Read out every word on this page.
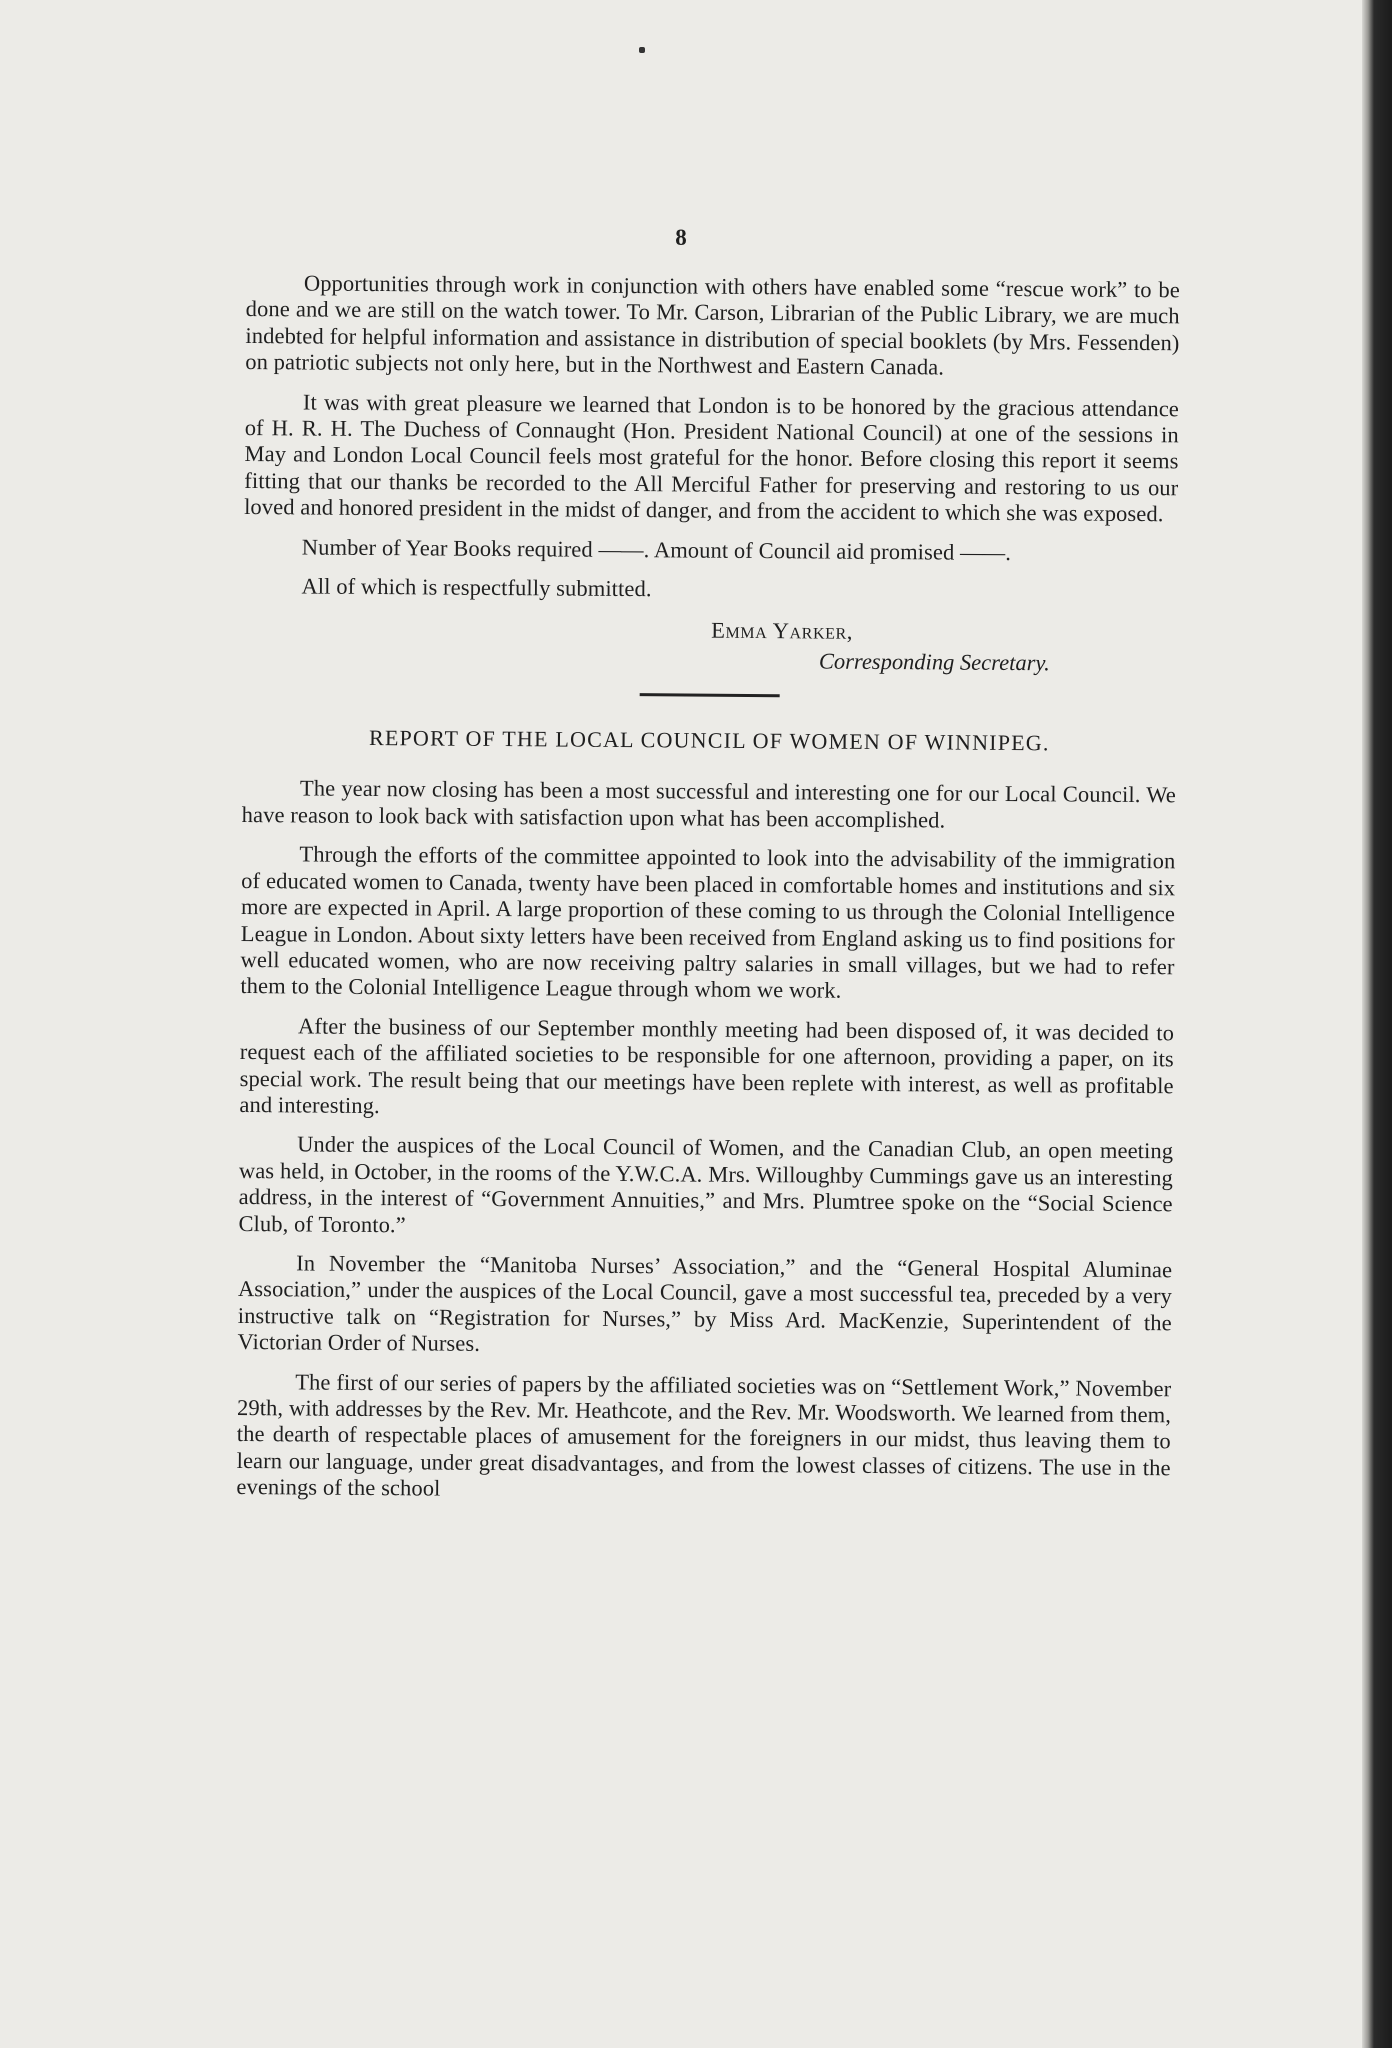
8

Opportunities through work in conjunction with others have enabled some “rescue work” to be done and we are still on the watch tower. To Mr. Carson, Librarian of the Public Library, we are much indebted for helpful information and assistance in distribution of special booklets (by Mrs. Fessenden) on patriotic subjects not only here, but in the Northwest and Eastern Canada.

It was with great pleasure we learned that London is to be honored by the gracious attendance of H. R. H. The Duchess of Connaught (Hon. President National Council) at one of the sessions in May and London Local Council feels most grateful for the honor. Before closing this report it seems fitting that our thanks be recorded to the All Merciful Father for preserving and restoring to us our loved and honored president in the midst of danger, and from the accident to which she was exposed.

Number of Year Books required ——. Amount of Council aid promised ——.

All of which is respectfully submitted.

Emma Yarker,
Corresponding Secretary.
REPORT OF THE LOCAL COUNCIL OF WOMEN OF WINNIPEG.

The year now closing has been a most successful and interesting one for our Local Council. We have reason to look back with satisfaction upon what has been accomplished.

Through the efforts of the committee appointed to look into the advisability of the immigration of educated women to Canada, twenty have been placed in comfortable homes and institutions and six more are expected in April. A large proportion of these coming to us through the Colonial Intelligence League in London. About sixty letters have been received from England asking us to find positions for well educated women, who are now receiving paltry salaries in small villages, but we had to refer them to the Colonial Intelligence League through whom we work.

After the business of our September monthly meeting had been disposed of, it was decided to request each of the affiliated societies to be responsible for one afternoon, providing a paper, on its special work. The result being that our meetings have been replete with interest, as well as profitable and interesting.

Under the auspices of the Local Council of Women, and the Canadian Club, an open meeting was held, in October, in the rooms of the Y.W.C.A. Mrs. Willoughby Cummings gave us an interesting address, in the interest of “Government Annuities,” and Mrs. Plumtree spoke on the “Social Science Club, of Toronto.”

In November the “Manitoba Nurses’ Association,” and the “General Hospital Aluminae Association,” under the auspices of the Local Council, gave a most successful tea, preceded by a very instructive talk on “Registration for Nurses,” by Miss Ard. MacKenzie, Superintendent of the Victorian Order of Nurses.

The first of our series of papers by the affiliated societies was on “Settlement Work,” November 29th, with addresses by the Rev. Mr. Heathcote, and the Rev. Mr. Woodsworth. We learned from them, the dearth of respectable places of amusement for the foreigners in our midst, thus leaving them to learn our language, under great disadvantages, and from the lowest classes of citizens. The use in the evenings of the school
